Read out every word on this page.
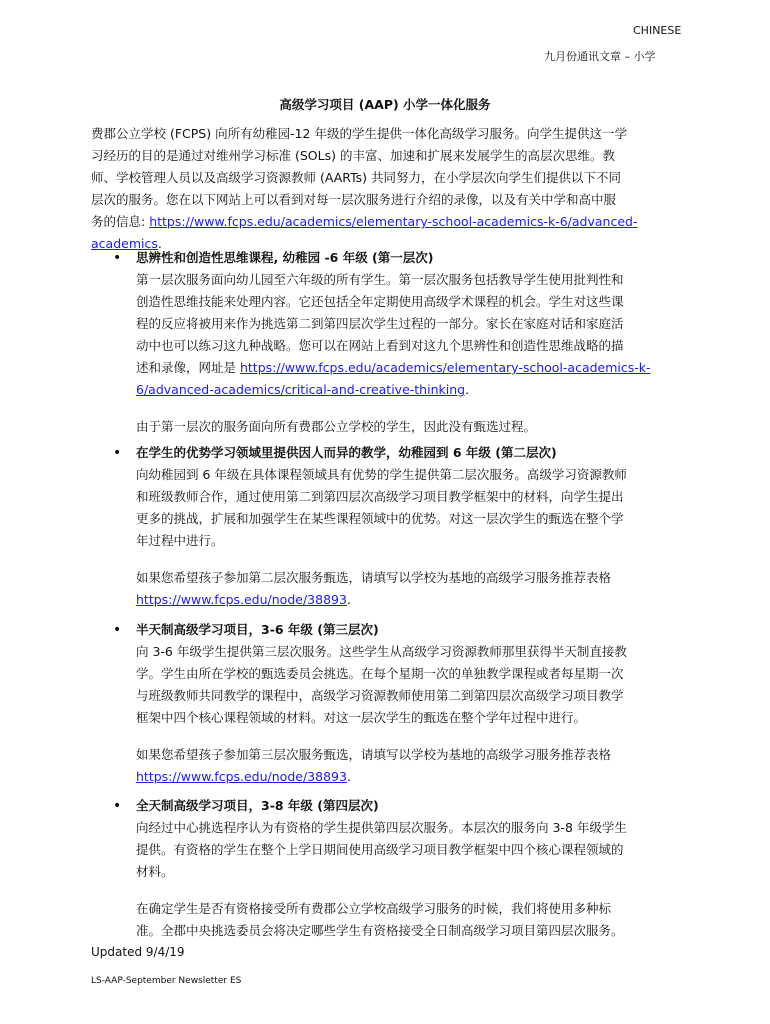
CHINESE
九月份通讯文章 – 小学
高级学习项目 (AAP) 小学一体化服务
费郡公立学校 (FCPS) 向所有幼稚园-12 年级的学生提供一体化高级学习服务。向学生提供这一学
习经历的目的是通过对维州学习标准 (SOLs) 的丰富、加速和扩展来发展学生的高层次思维。教
师、学校管理人员以及高级学习资源教师 (AARTs) 共同努力，在小学层次向学生们提供以下不同
层次的服务。您在以下网站上可以看到对每一层次服务进行介绍的录像，以及有关中学和高中服
务的信息: https://www.fcps.edu/academics/elementary-school-academics-k-6/advanced-
academics.
• 思辨性和创造性思维课程, 幼稚园 -6 年级 (第一层次)
第一层次服务面向幼儿园至六年级的所有学生。第一层次服务包括教导学生使用批判性和
创造性思维技能来处理内容。它还包括全年定期使用高级学术课程的机会。学生对这些课
程的反应将被用来作为挑选第二到第四层次学生过程的一部分。家长在家庭对话和家庭活
动中也可以练习这九种战略。您可以在网站上看到对这九个思辨性和创造性思维战略的描
述和录像，网址是 https://www.fcps.edu/academics/elementary-school-academics-k-
6/advanced-academics/critical-and-creative-thinking.
由于第一层次的服务面向所有费郡公立学校的学生，因此没有甄选过程。
• 在学生的优势学习领域里提供因人而异的教学，幼稚园到 6 年级 (第二层次)
向幼稚园到 6 年级在具体课程领域具有优势的学生提供第二层次服务。高级学习资源教师
和班级教师合作，通过使用第二到第四层次高级学习项目教学框架中的材料，向学生提出
更多的挑战，扩展和加强学生在某些课程领域中的优势。对这一层次学生的甄选在整个学
年过程中进行。
如果您希望孩子参加第二层次服务甄选，请填写以学校为基地的高级学习服务推荐表格
https://www.fcps.edu/node/38893.
• 半天制高级学习项目，3-6 年级 (第三层次)
向 3-6 年级学生提供第三层次服务。这些学生从高级学习资源教师那里获得半天制直接教
学。学生由所在学校的甄选委员会挑选。在每个星期一次的单独教学课程或者每星期一次
与班级教师共同教学的课程中，高级学习资源教师使用第二到第四层次高级学习项目教学
框架中四个核心课程领域的材料。对这一层次学生的甄选在整个学年过程中进行。
如果您希望孩子参加第三层次服务甄选，请填写以学校为基地的高级学习服务推荐表格
https://www.fcps.edu/node/38893.
• 全天制高级学习项目，3-8 年级 (第四层次)
向经过中心挑选程序认为有资格的学生提供第四层次服务。本层次的服务向 3-8 年级学生
提供。有资格的学生在整个上学日期间使用高级学习项目教学框架中四个核心课程领域的
材料。
在确定学生是否有资格接受所有费郡公立学校高级学习服务的时候，我们将使用多种标
准。全郡中央挑选委员会将决定哪些学生有资格接受全日制高级学习项目第四层次服务。
Updated 9/4/19
LS-AAP-September Newsletter ES
